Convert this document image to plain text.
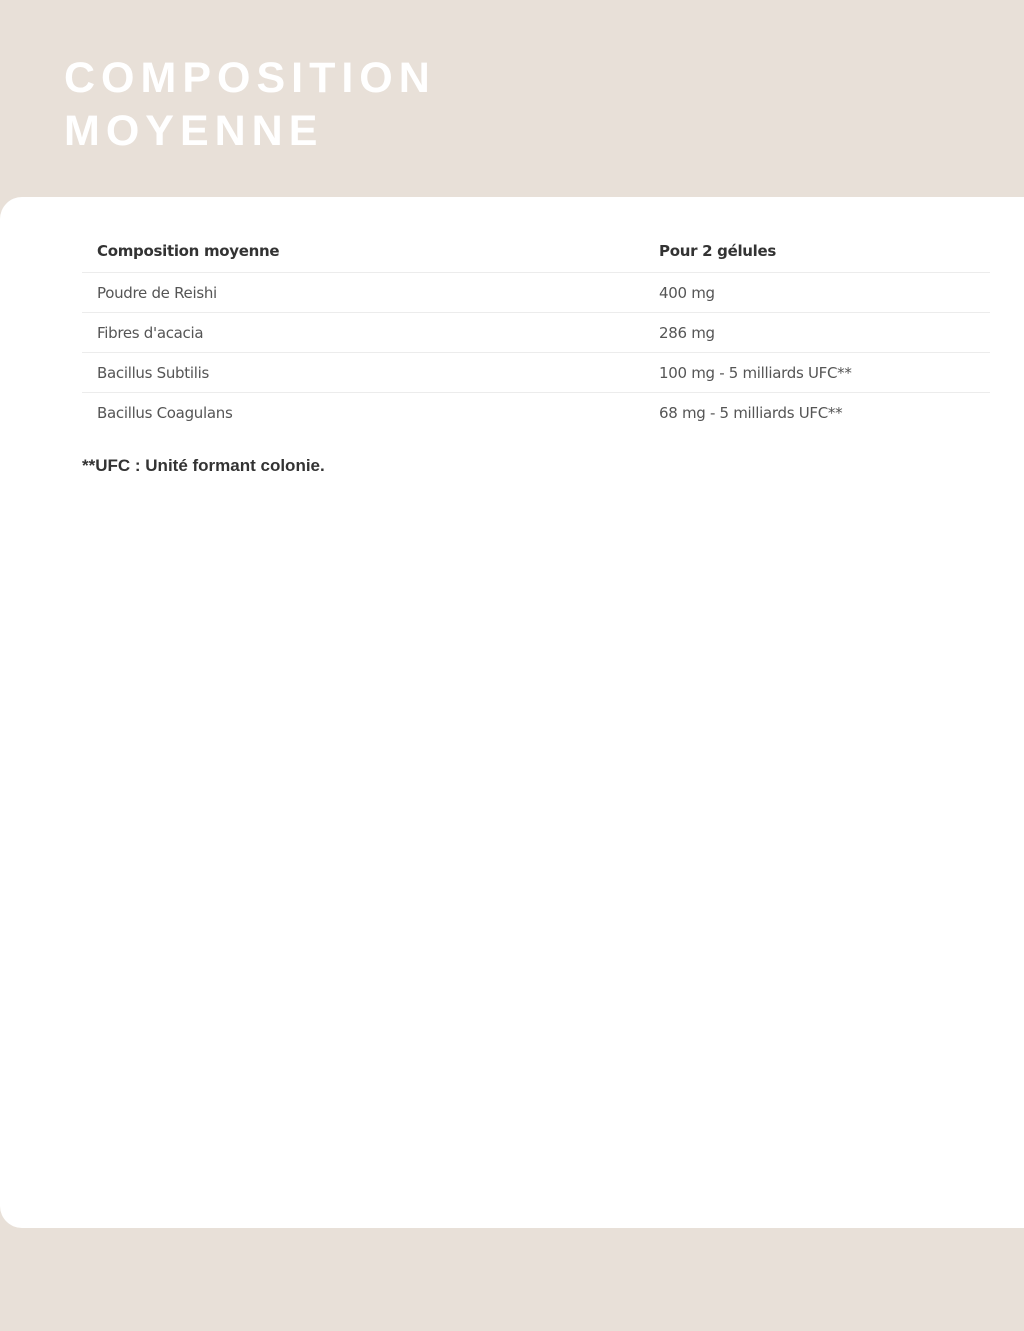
COMPOSITION
MOYENNE
Composition moyenne	Pour 2 gélules
Poudre de Reishi	400 mg
Fibres d'acacia	286 mg
Bacillus Subtilis	100 mg - 5 milliards UFC**
Bacillus Coagulans	68 mg - 5 milliards UFC**

**UFC : Unité formant colonie.
